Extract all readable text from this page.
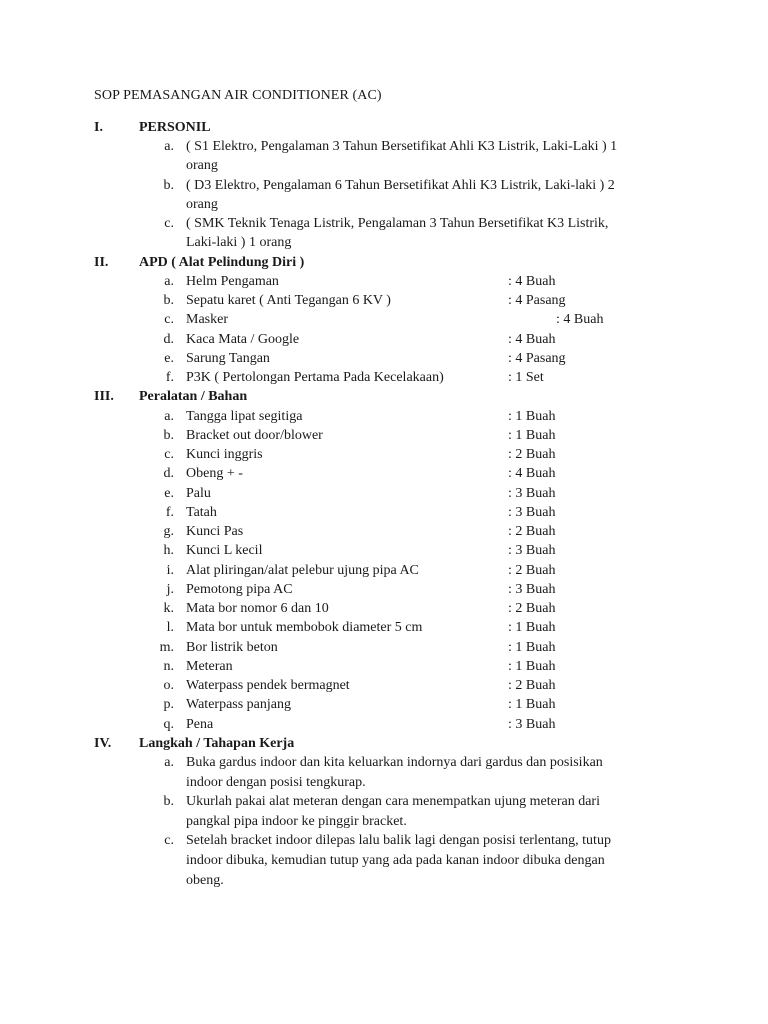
SOP PEMASANGAN AIR CONDITIONER (AC)
I.	PERSONIL
a. ( S1 Elektro, Pengalaman 3 Tahun Bersetifikat Ahli K3 Listrik, Laki-Laki ) 1
orang
b. ( D3 Elektro, Pengalaman 6 Tahun Bersetifikat Ahli K3 Listrik, Laki-laki ) 2
orang
c. ( SMK Teknik Tenaga Listrik, Pengalaman 3 Tahun Bersetifikat K3 Listrik,
Laki-laki ) 1 orang
II.	APD ( Alat Pelindung Diri )
a. Helm Pengaman	: 4 Buah
b. Sepatu karet ( Anti Tegangan 6 KV )	: 4 Pasang
c. Masker	: 4 Buah
d. Kaca Mata / Google	: 4 Buah
e. Sarung Tangan	: 4 Pasang
f. P3K ( Pertolongan Pertama Pada Kecelakaan)	: 1 Set
III.	Peralatan / Bahan
a. Tangga lipat segitiga	: 1 Buah
b. Bracket out door/blower	: 1 Buah
c. Kunci inggris	: 2 Buah
d. Obeng + -	: 4 Buah
e. Palu	: 3 Buah
f. Tatah	: 3 Buah
g. Kunci Pas	: 2 Buah
h. Kunci L kecil	: 3 Buah
i. Alat pliringan/alat pelebur ujung pipa AC	: 2 Buah
j. Pemotong pipa AC	: 3 Buah
k. Mata bor nomor 6 dan 10	: 2 Buah
l. Mata bor untuk membobok diameter 5 cm	: 1 Buah
m. Bor listrik beton	: 1 Buah
n. Meteran	: 1 Buah
o. Waterpass pendek bermagnet	: 2 Buah
p. Waterpass panjang	: 1 Buah
q. Pena	: 3 Buah
IV.	Langkah / Tahapan Kerja
a. Buka gardus indoor dan kita keluarkan indornya dari gardus dan posisikan
indoor dengan posisi tengkurap.
b. Ukurlah pakai alat meteran dengan cara menempatkan ujung meteran dari
pangkal pipa indoor ke pinggir bracket.
c. Setelah bracket indoor dilepas lalu balik lagi dengan posisi terlentang, tutup
indoor dibuka, kemudian tutup yang ada pada kanan indoor dibuka dengan
obeng.
